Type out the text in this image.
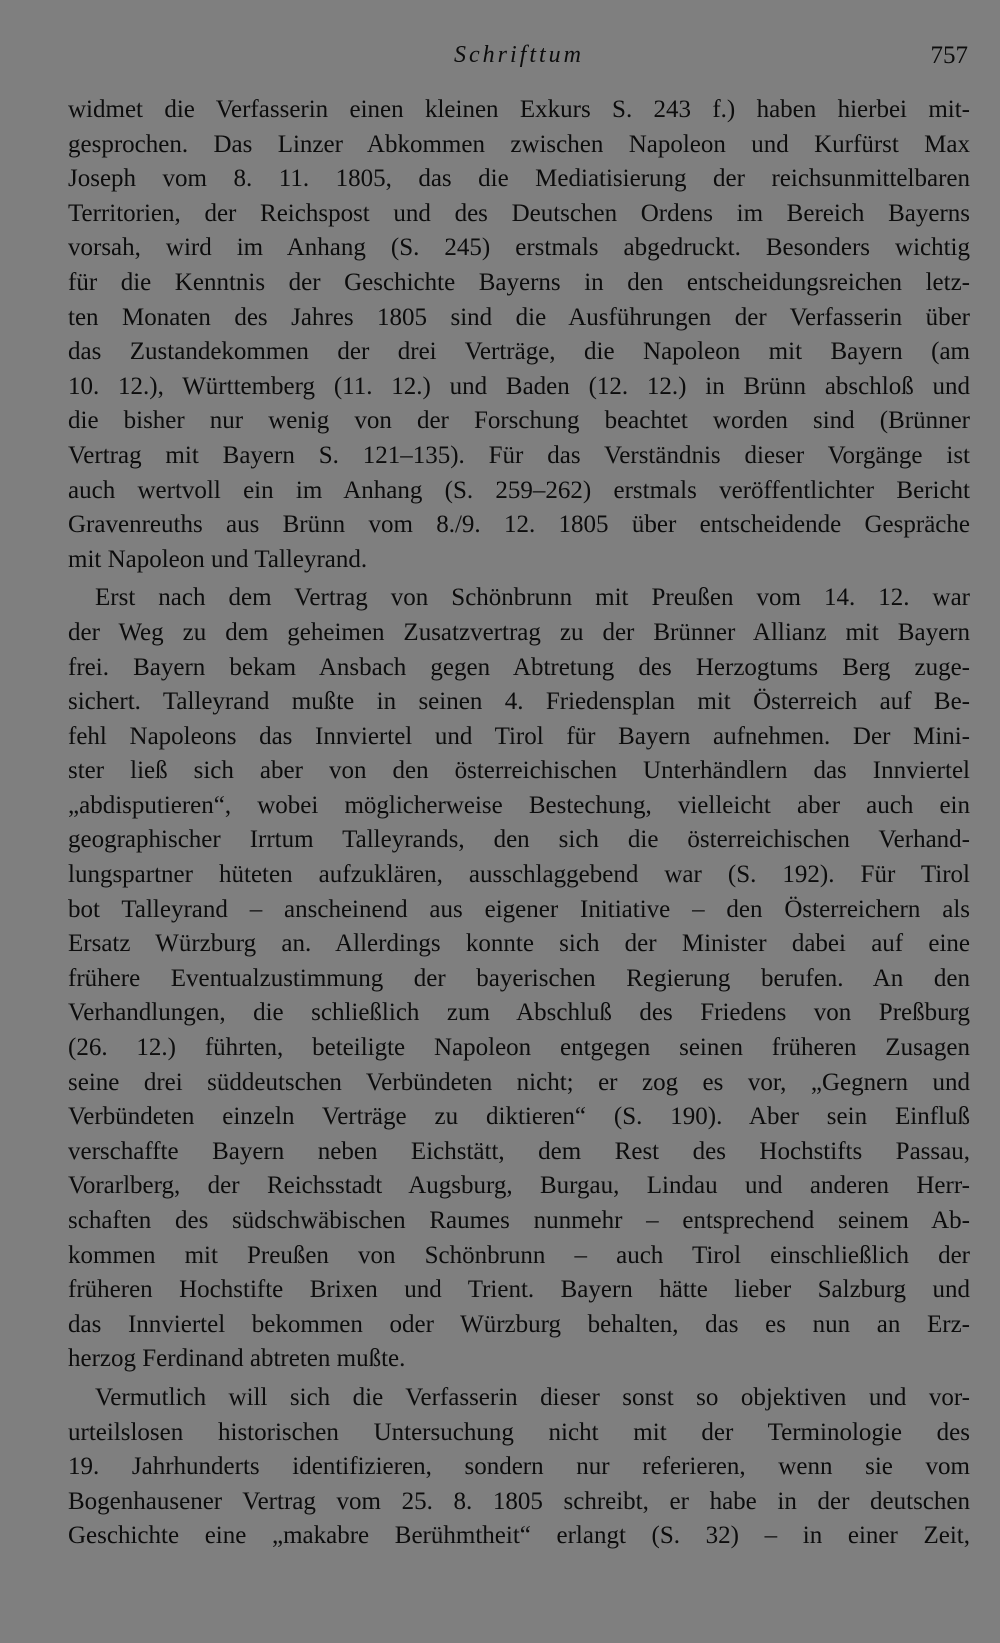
Schrifttum	757
widmet die Verfasserin einen kleinen Exkurs S. 243 f.) haben hierbei mit-
gesprochen. Das Linzer Abkommen zwischen Napoleon und Kurfürst Max
Joseph vom 8. 11. 1805, das die Mediatisierung der reichsunmittelbaren
Territorien, der Reichspost und des Deutschen Ordens im Bereich Bayerns
vorsah, wird im Anhang (S. 245) erstmals abgedruckt. Besonders wichtig
für die Kenntnis der Geschichte Bayerns in den entscheidungsreichen letz-
ten Monaten des Jahres 1805 sind die Ausführungen der Verfasserin über
das Zustandekommen der drei Verträge, die Napoleon mit Bayern (am
10. 12.), Württemberg (11. 12.) und Baden (12. 12.) in Brünn abschloß und
die bisher nur wenig von der Forschung beachtet worden sind (Brünner
Vertrag mit Bayern S. 121–135). Für das Verständnis dieser Vorgänge ist
auch wertvoll ein im Anhang (S. 259–262) erstmals veröffentlichter Bericht
Gravenreuths aus Brünn vom 8./9. 12. 1805 über entscheidende Gespräche
mit Napoleon und Talleyrand.
Erst nach dem Vertrag von Schönbrunn mit Preußen vom 14. 12. war
der Weg zu dem geheimen Zusatzvertrag zu der Brünner Allianz mit Bayern
frei. Bayern bekam Ansbach gegen Abtretung des Herzogtums Berg zuge-
sichert. Talleyrand mußte in seinen 4. Friedensplan mit Österreich auf Be-
fehl Napoleons das Innviertel und Tirol für Bayern aufnehmen. Der Mini-
ster ließ sich aber von den österreichischen Unterhändlern das Innviertel
„abdisputieren“, wobei möglicherweise Bestechung, vielleicht aber auch ein
geographischer Irrtum Talleyrands, den sich die österreichischen Verhand-
lungspartner hüteten aufzuklären, ausschlaggebend war (S. 192). Für Tirol
bot Talleyrand – anscheinend aus eigener Initiative – den Österreichern als
Ersatz Würzburg an. Allerdings konnte sich der Minister dabei auf eine
frühere Eventualzustimmung der bayerischen Regierung berufen. An den
Verhandlungen, die schließlich zum Abschluß des Friedens von Preßburg
(26. 12.) führten, beteiligte Napoleon entgegen seinen früheren Zusagen
seine drei süddeutschen Verbündeten nicht; er zog es vor, „Gegnern und
Verbündeten einzeln Verträge zu diktieren“ (S. 190). Aber sein Einfluß
verschaffte Bayern neben Eichstätt, dem Rest des Hochstifts Passau,
Vorarlberg, der Reichsstadt Augsburg, Burgau, Lindau und anderen Herr-
schaften des südschwäbischen Raumes nunmehr – entsprechend seinem Ab-
kommen mit Preußen von Schönbrunn – auch Tirol einschließlich der
früheren Hochstifte Brixen und Trient. Bayern hätte lieber Salzburg und
das Innviertel bekommen oder Würzburg behalten, das es nun an Erz-
herzog Ferdinand abtreten mußte.
Vermutlich will sich die Verfasserin dieser sonst so objektiven und vor-
urteilslosen historischen Untersuchung nicht mit der Terminologie des
19. Jahrhunderts identifizieren, sondern nur referieren, wenn sie vom
Bogenhausener Vertrag vom 25. 8. 1805 schreibt, er habe in der deutschen
Geschichte eine „makabre Berühmtheit“ erlangt (S. 32) – in einer Zeit,
